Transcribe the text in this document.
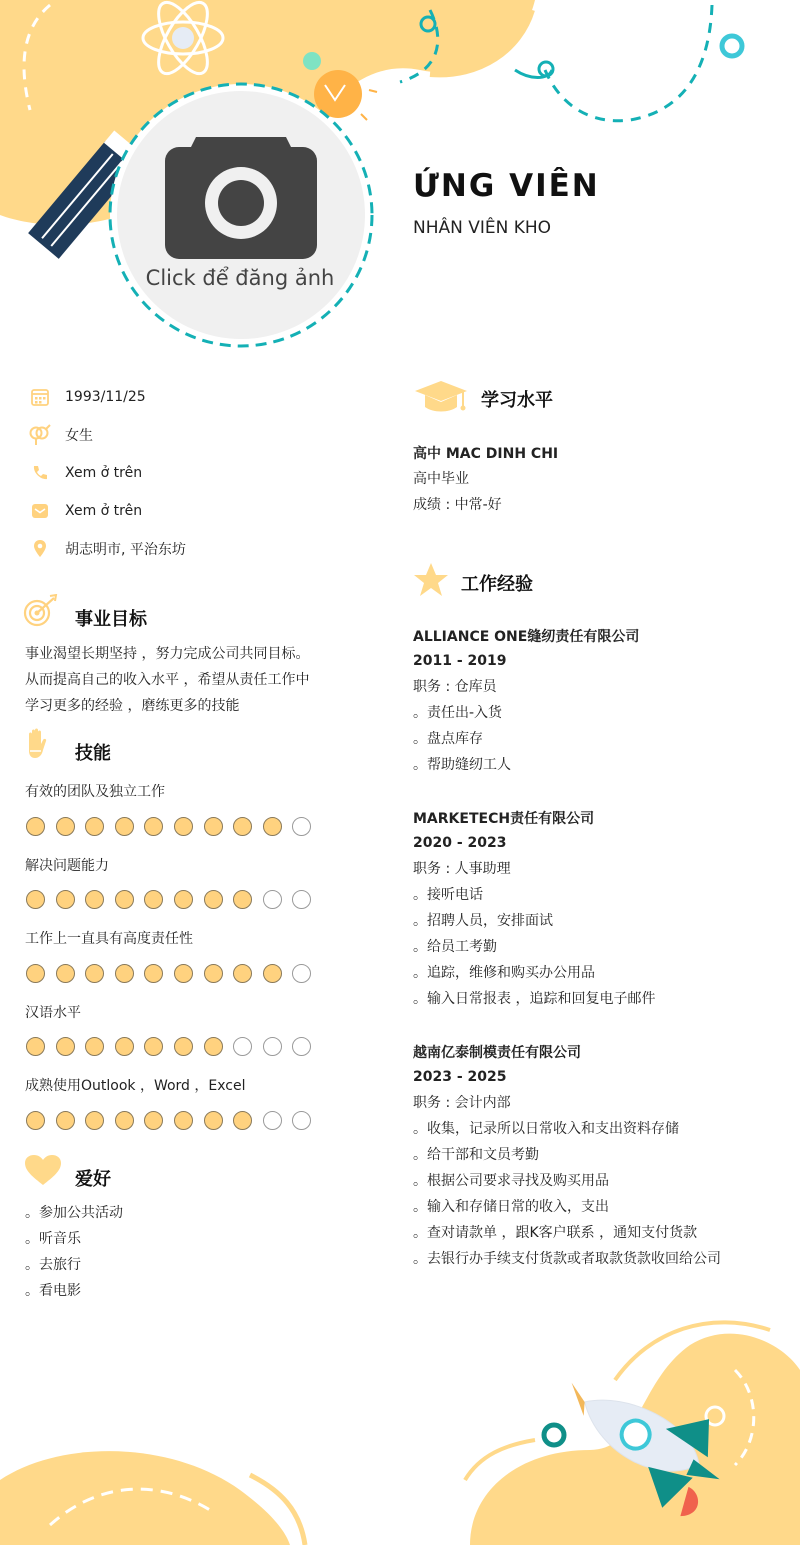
Click để đăng ảnh
ỨNG VIÊN
NHÂN VIÊN KHO
1993/11/25
女生
Xem ở trên
Xem ở trên
胡志明市, 平治东坊
事业目标
事业渴望长期坚持 ，努力完成公司共同目标。
从而提高自己的收入水平 ，希望从责任工作中
学习更多的经验 ，磨练更多的技能
技能
有效的团队及独立工作
解决问题能力
工作上一直具有高度责任性
汉语水平
成熟使用Outlook ，Word ，Excel
爱好
。参加公共活动
。听音乐
。去旅行
。看电影
学习水平
高中 MAC DINH CHI
高中毕业
成绩 : 中常-好
工作经验
ALLIANCE ONE缝纫责任有限公司
2011 - 2019
职务 : 仓库员
。责任出-入货
。盘点库存
。帮助缝纫工人
MARKETECH责任有限公司
2020 - 2023
职务 : 人事助理
。接听电话
。招聘人员，安排面试
。给员工考勤
。追踪，维修和购买办公用品
。输入日常报表 ，追踪和回复电子邮件
越南亿泰制模责任有限公司
2023 - 2025
职务 : 会计内部
。收集，记录所以日常收入和支出资料存储
。给干部和文员考勤
。根据公司要求寻找及购买用品
。输入和存储日常的收入，支出
。查对请款单 ，跟K客户联系 ，通知支付货款
。去银行办手续支付货款或者取款货款收回给公司
